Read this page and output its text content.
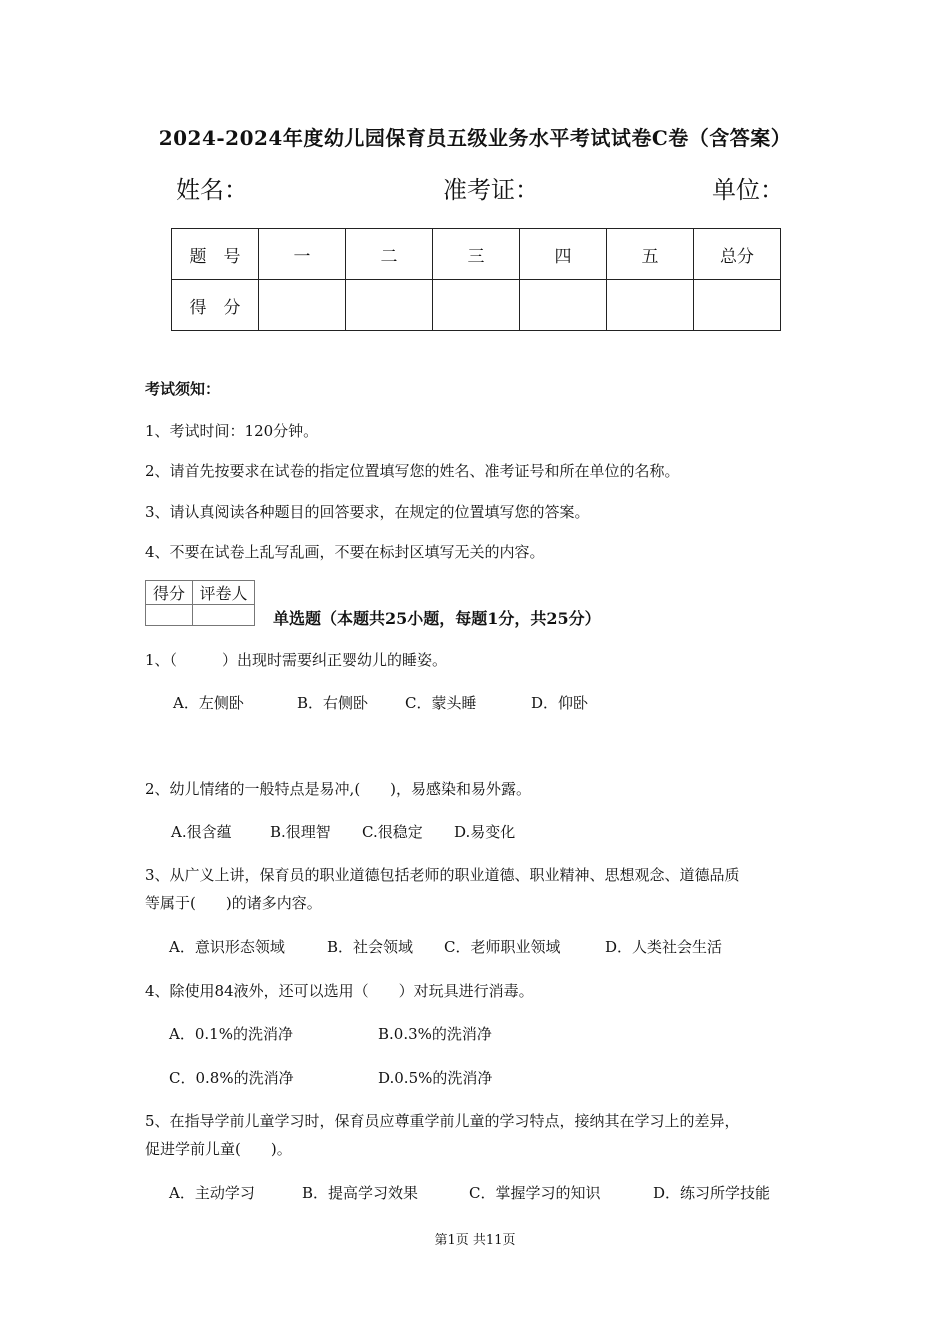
2024-2024年度幼儿园保育员五级业务水平考试试卷C卷（含答案）
姓名：	准考证：	单位：
题　号	一	二	三	四	五	总分
得　分						
考试须知：
1、考试时间：120分钟。
2、请首先按要求在试卷的指定位置填写您的姓名、准考证号和所在单位的名称。
3、请认真阅读各种题目的回答要求，在规定的位置填写您的答案。
4、不要在试卷上乱写乱画，不要在标封区填写无关的内容。
得分	评卷人

单选题（本题共25小题，每题1分，共25分）
1、（　　　）出现时需要纠正婴幼儿的睡姿。
A．左侧卧	B．右侧卧 C．蒙头睡	D．仰卧
2、幼儿情绪的一般特点是易冲,(　　)，易感染和易外露。
A.很含蕴	B.很理智 C.很稳定 D.易变化
3、从广义上讲，保育员的职业道德包括老师的职业道德、职业精神、思想观念、道德品质
等属于(　　)的诸多内容。
A．意识形态领域	B．社会领域 C．老师职业领域	D．人类社会生活
4、除使用84液外，还可以选用（　　）对玩具进行消毒。
A．0.1%的洗消净	B.0.3%的洗消净
C．0.8%的洗消净	D.0.5%的洗消净
5、在指导学前儿童学习时，保育员应尊重学前儿童的学习特点，接纳其在学习上的差异，
促进学前儿童(　　)。
A．主动学习	B．提高学习效果	C．掌握学习的知识	D．练习所学技能
第1页 共11页
